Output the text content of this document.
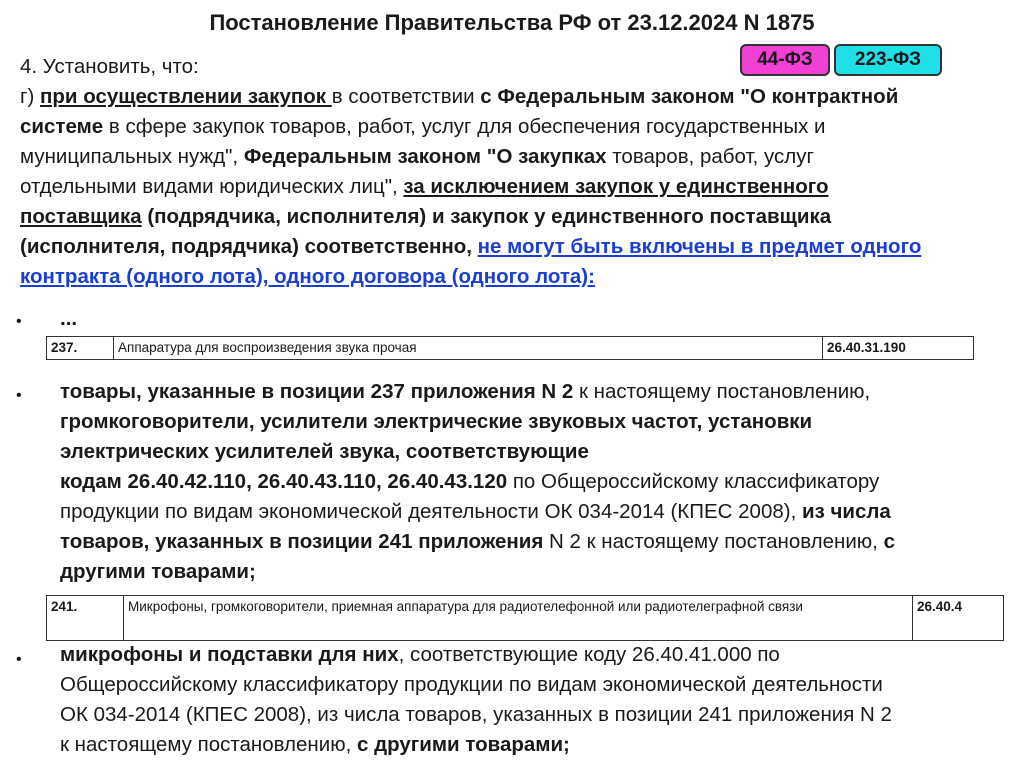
Постановление Правительства РФ от 23.12.2024 N 1875
44-ФЗ	223-ФЗ
4. Установить, что:
г) при осуществлении закупок в соответствии с Федеральным законом "О контрактной
системе в сфере закупок товаров, работ, услуг для обеспечения государственных и
муниципальных нужд", Федеральным законом "О закупках товаров, работ, услуг
отдельными видами юридических лиц", за исключением закупок у единственного
поставщика (подрядчика, исполнителя) и закупок у единственного поставщика
(исполнителя, подрядчика) соответственно, не могут быть включены в предмет одного
контракта (одного лота), одного договора (одного лота):
• ...
237.	Аппаратура для воспроизведения звука прочая	26.40.31.190
• товары, указанные в позиции 237 приложения N 2 к настоящему постановлению,
громкоговорители, усилители электрические звуковых частот, установки
электрических усилителей звука, соответствующие
кодам 26.40.42.110, 26.40.43.110, 26.40.43.120 по Общероссийскому классификатору
продукции по видам экономической деятельности ОК 034-2014 (КПЕС 2008), из числа
товаров, указанных в позиции 241 приложения N 2 к настоящему постановлению, с
другими товарами;
241.	Микрофоны, громкоговорители, приемная аппаратура для радиотелефонной или радиотелеграфной связи	26.40.4
• микрофоны и подставки для них, соответствующие коду 26.40.41.000 по
Общероссийскому классификатору продукции по видам экономической деятельности
ОК 034-2014 (КПЕС 2008), из числа товаров, указанных в позиции 241 приложения N 2
к настоящему постановлению, с другими товарами;
